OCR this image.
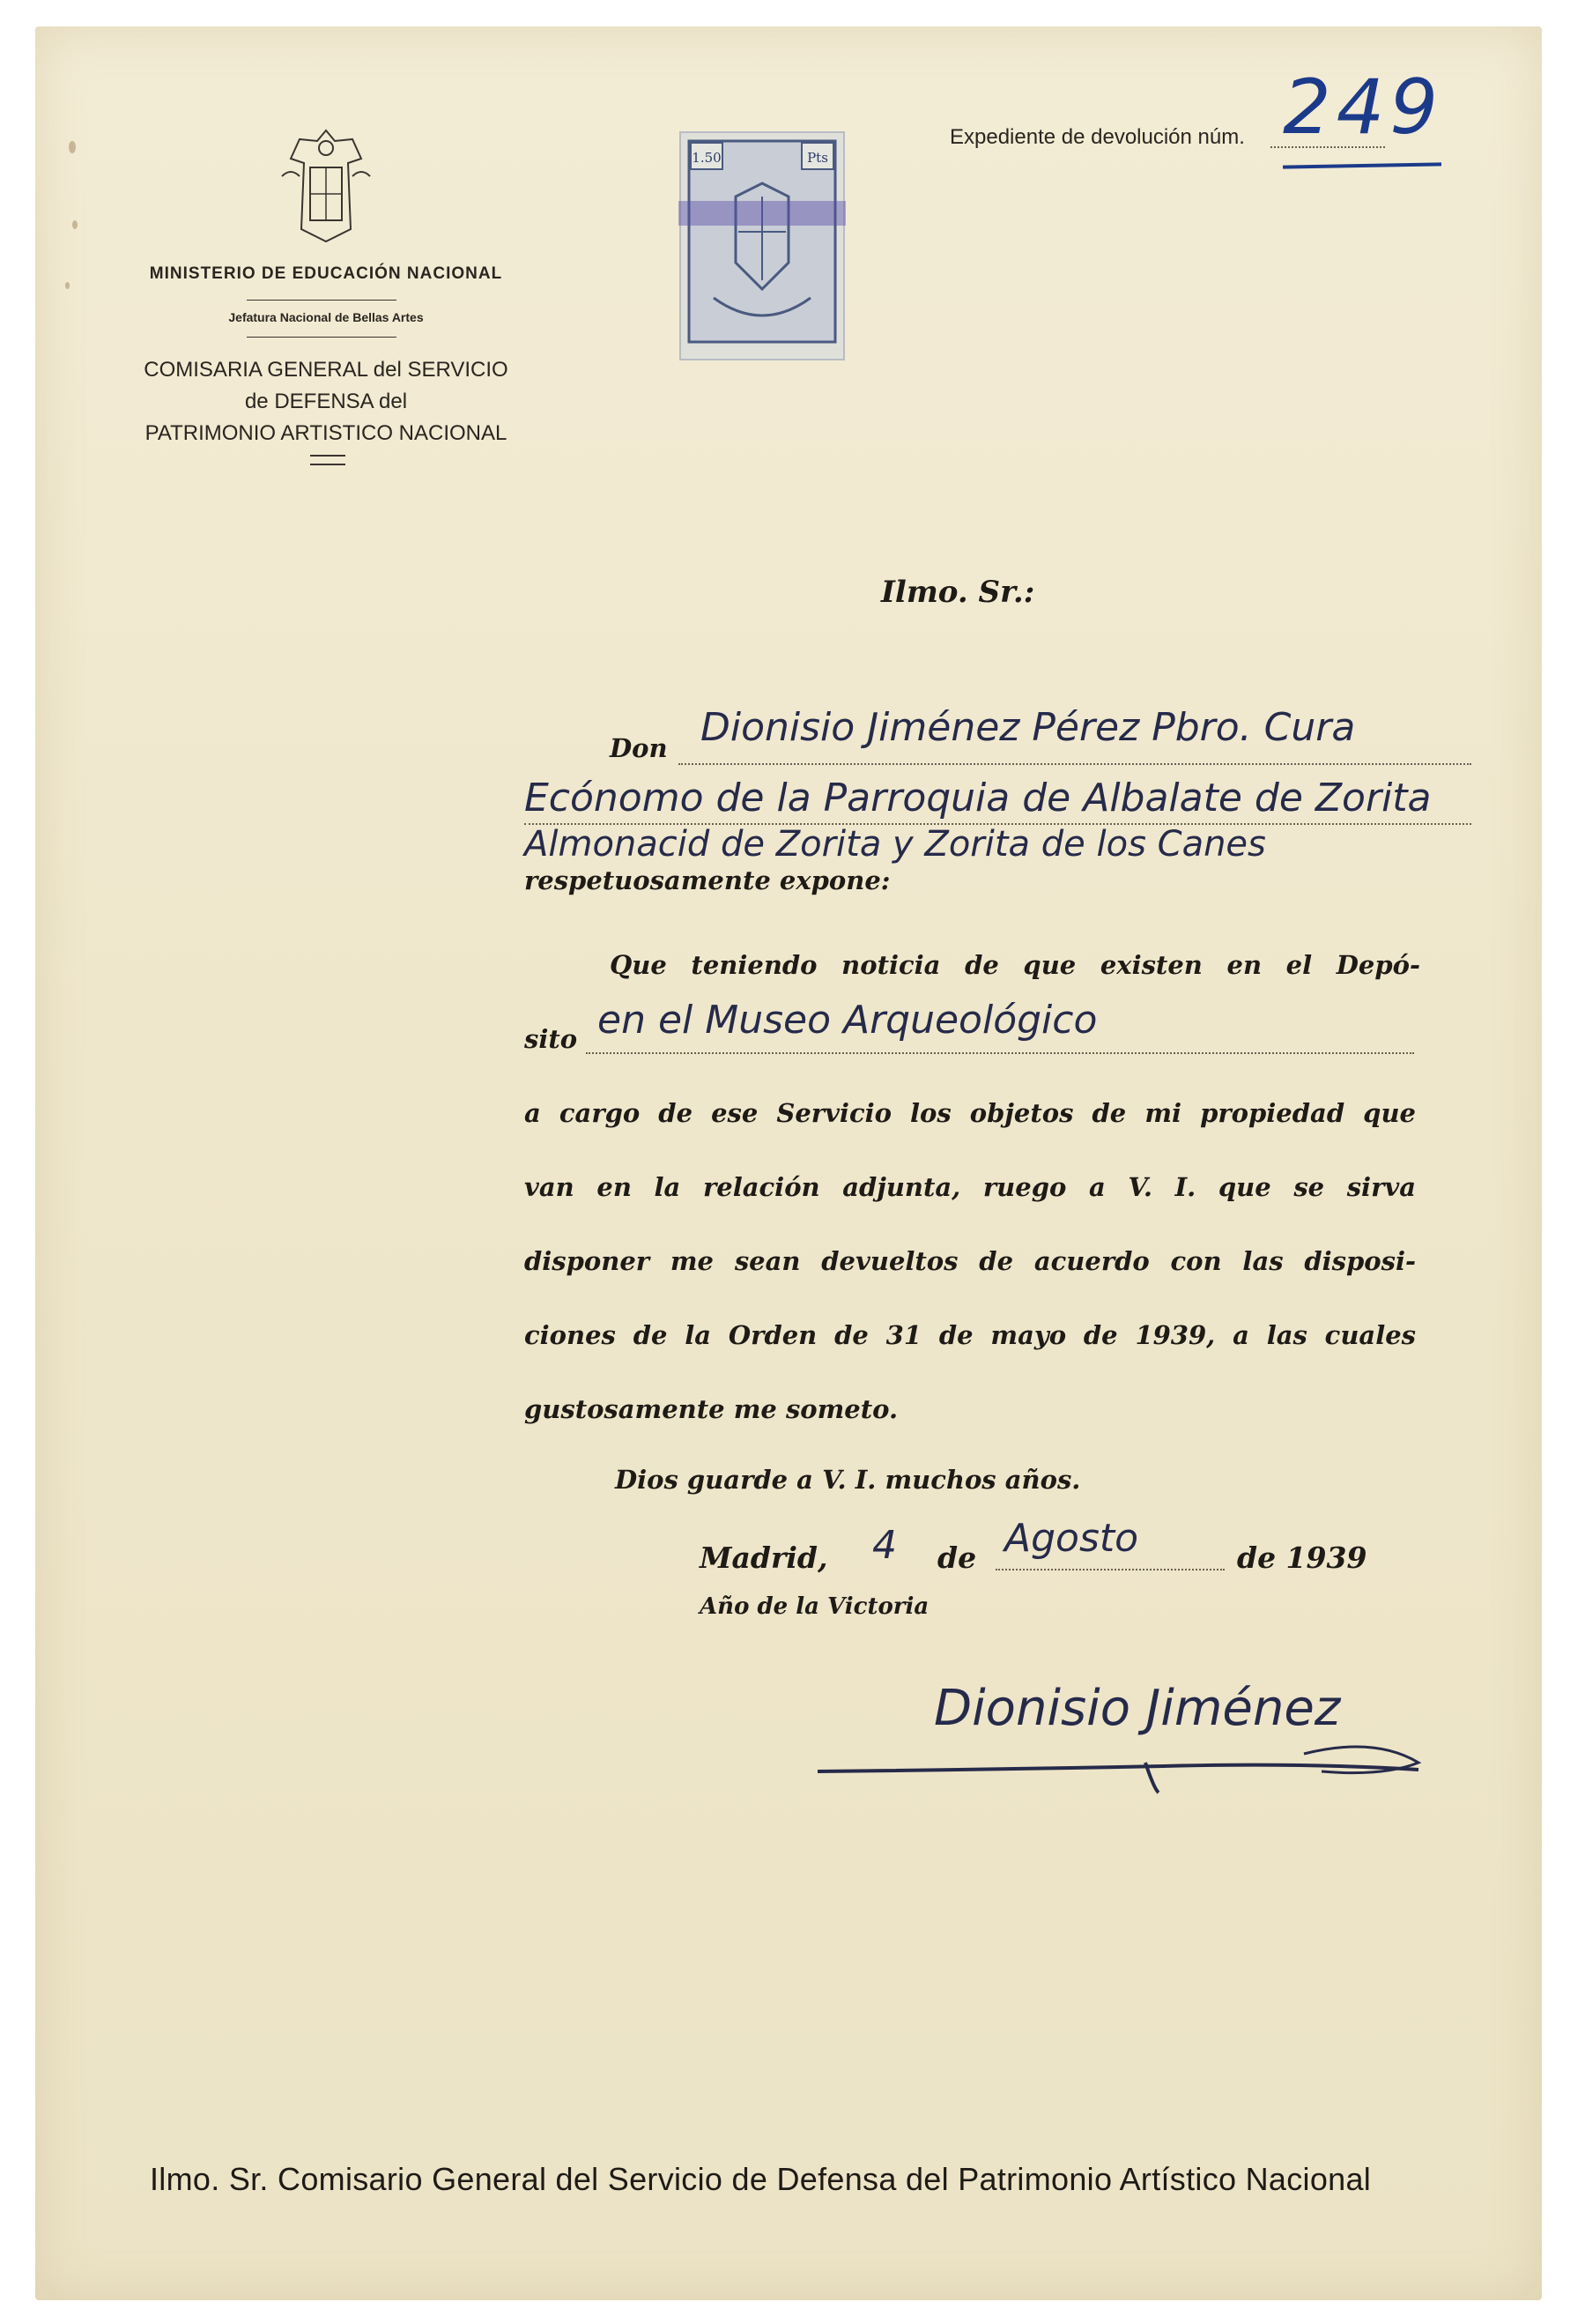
MINISTERIO DE EDUCACIÓN NACIONAL
Jefatura Nacional de Bellas Artes
COMISARIA GENERAL del SERVICIO
de DEFENSA del
PATRIMONIO ARTISTICO NACIONAL
1.50	Pts
Expediente de devolución núm. 249
Ilmo. Sr.:
Don Dionisio Jiménez Pérez Pbro. Cura
Ecónomo de la Parroquia de Albalate de Zorita
Almonacid de Zorita y Zorita de los Canes
respetuosamente expone:
Que teniendo noticia de que existen en el Depó-
sito en el Museo Arqueológico
a cargo de ese Servicio los objetos de mi propiedad que
van en la relación adjunta, ruego a V. I. que se sirva
disponer me sean devueltos de acuerdo con las disposi-
ciones de la Orden de 31 de mayo de 1939, a las cuales
gustosamente me someto.
Dios guarde a V. I. muchos años.
Madrid, 4 de Agosto	de 1939
Año de la Victoria
Dionisio Jiménez
Ilmo. Sr. Comisario General del Servicio de Defensa del Patrimonio Artístico Nacional
